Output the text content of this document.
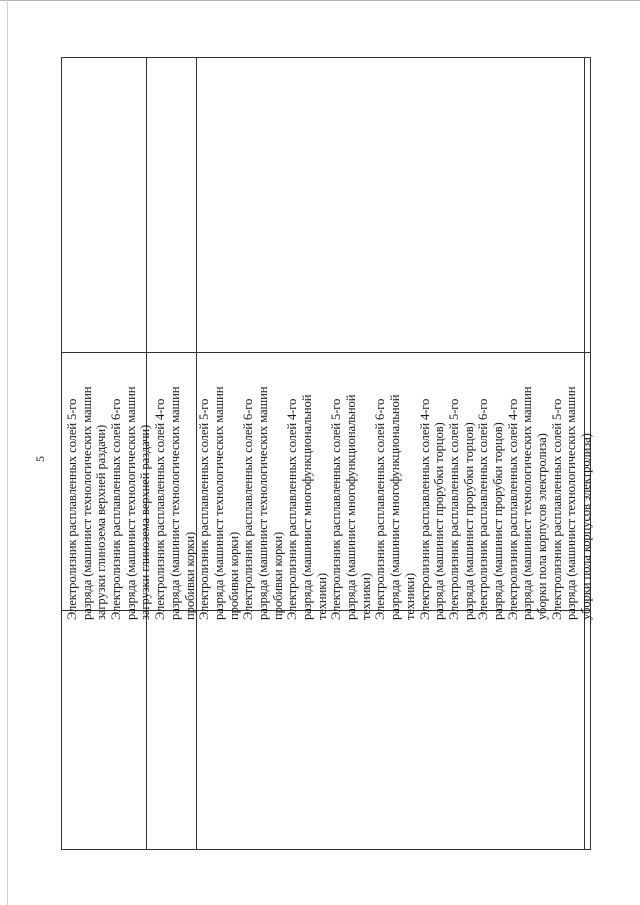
5 Электролизник расплавленных солей 5-го разряда (машинист технологических машин загрузки глинозема верхней раздачи) Электролизник расплавленных солей 6-го разряда (машинист технологических машин загрузки глинозема верхней раздачи) Электролизник расплавленных солей 4-го разряда (машинист технологических машин пробивки корки) Электролизник расплавленных солей 5-го разряда (машинист технологических машин пробивки корки) Электролизник расплавленных солей 6-го разряда (машинист технологических машин пробивки корки) Электролизник расплавленных солей 4-го разряда (машинист многофункциональной техники) Электролизник расплавленных солей 5-го разряда (машинист многофункциональной техники) Электролизник расплавленных солей 6-го разряда (машинист многофункциональной техники) Электролизник расплавленных солей 4-го разряда (машинист прорубки торцов) Электролизник расплавленных солей 5-го разряда (машинист прорубки торцов) Электролизник расплавленных солей 6-го разряда (машинист прорубки торцов) Электролизник расплавленных солей 4-го разряда (машинист технологических машин уборки пола корпусов электролиза) Электролизник расплавленных солей 5-го разряда (машинист технологических машин уборки пола корпусов электролиза)
